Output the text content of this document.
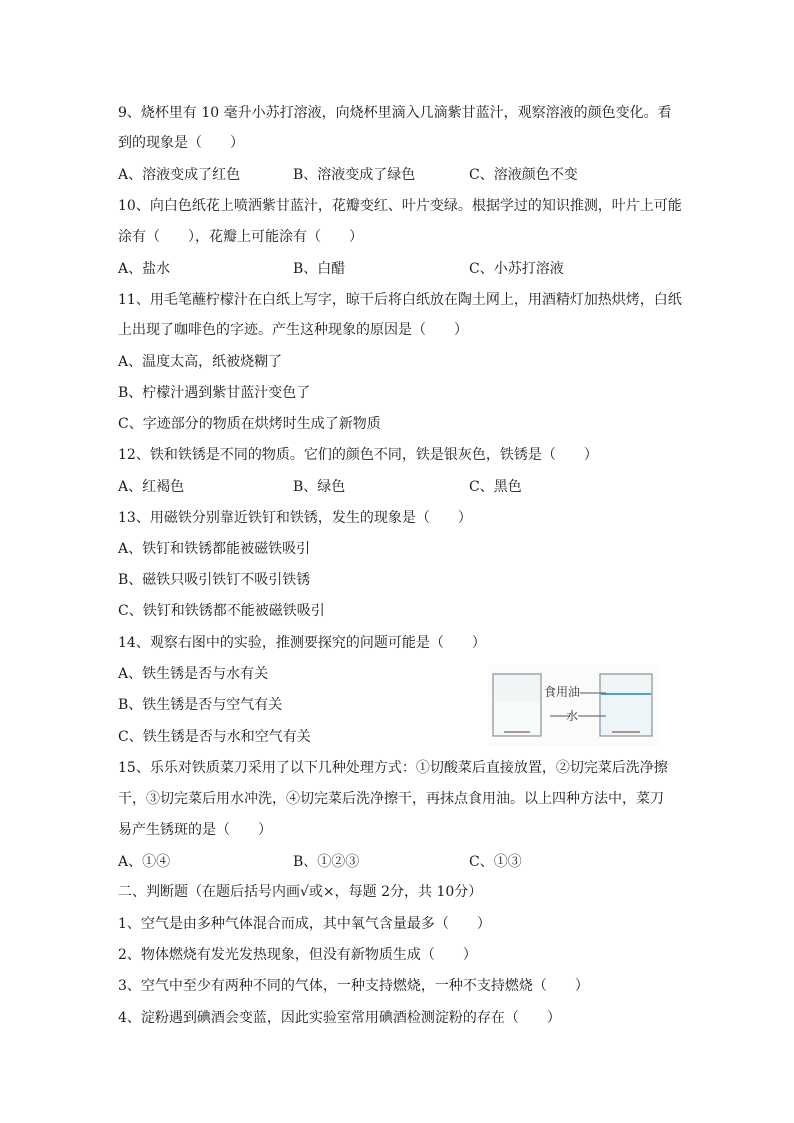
9、烧杯里有 10 毫升小苏打溶液，向烧杯里滴入几滴紫甘蓝汁，观察溶液的颜色变化。看
到的现象是（　　）
A、溶液变成了红色	B、溶液变成了绿色	C、溶液颜色不变
10、向白色纸花上喷洒紫甘蓝汁，花瓣变红、叶片变绿。根据学过的知识推测，叶片上可能
涂有（　　），花瓣上可能涂有（　　）
A、盐水	B、白醋	C、小苏打溶液
11、用毛笔蘸柠檬汁在白纸上写字，晾干后将白纸放在陶土网上，用酒精灯加热烘烤，白纸
上出现了咖啡色的字迹。产生这种现象的原因是（　　）
A、温度太高，纸被烧糊了
B、柠檬汁遇到紫甘蓝汁变色了
C、字迹部分的物质在烘烤时生成了新物质
12、铁和铁锈是不同的物质。它们的颜色不同，铁是银灰色，铁锈是（　　）
A、红褐色	B、绿色	C、黑色
13、用磁铁分别靠近铁钉和铁锈，发生的现象是（　　）
A、铁钉和铁锈都能被磁铁吸引
B、磁铁只吸引铁钉不吸引铁锈
C、铁钉和铁锈都不能被磁铁吸引
14、观察右图中的实验，推测要探究的问题可能是（　　）
A、铁生锈是否与水有关
B、铁生锈是否与空气有关
C、铁生锈是否与水和空气有关
食用油
水
15、乐乐对铁质菜刀采用了以下几种处理方式：①切酸菜后直接放置，②切完菜后洗净擦
干，③切完菜后用水冲洗，④切完菜后洗净擦干，再抹点食用油。以上四种方法中，菜刀
易产生锈斑的是（　　）
A、①④	B、①②③	C、①③
二、判断题（在题后括号内画√或×，每题 2分，共 10分）
1、空气是由多种气体混合而成，其中氧气含量最多（　　）
2、物体燃烧有发光发热现象，但没有新物质生成（　　）
3、空气中至少有两种不同的气体，一种支持燃烧，一种不支持燃烧（　　）
4、淀粉遇到碘酒会变蓝，因此实验室常用碘酒检测淀粉的存在（　　）
